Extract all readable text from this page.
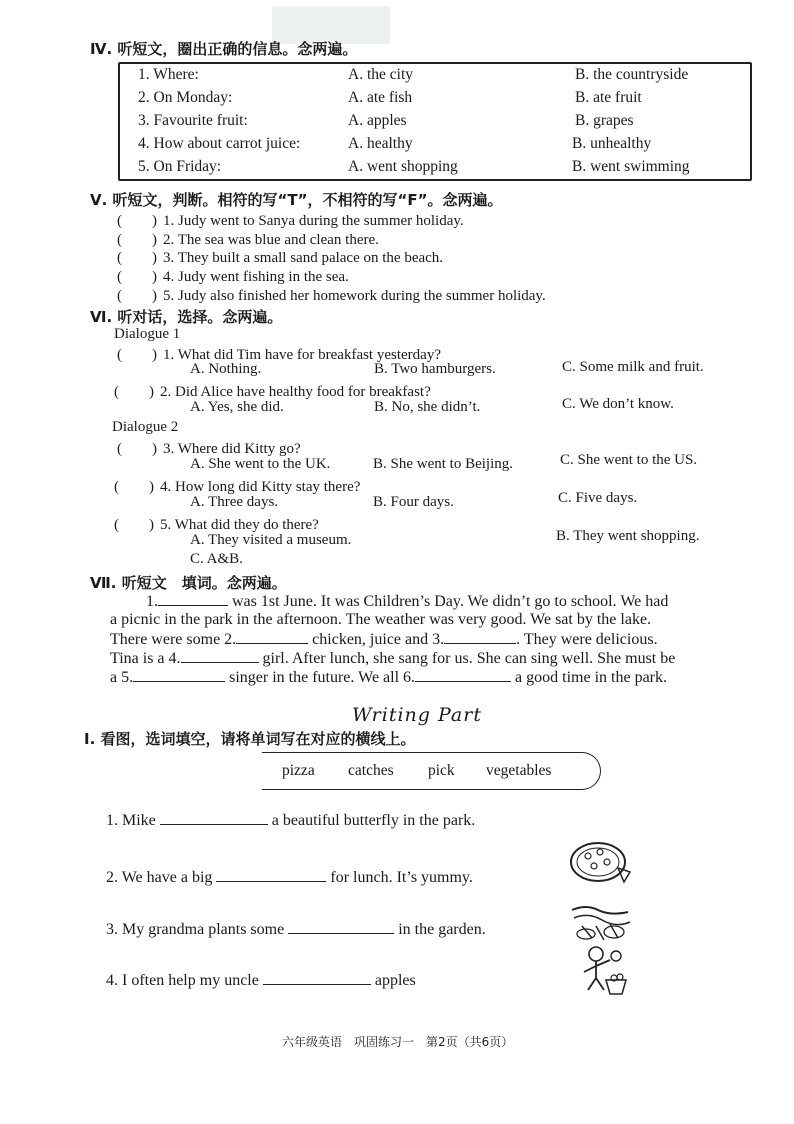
Ⅳ. 听短文，圈出正确的信息。念两遍。
1. Where:	A. the city	B. the countryside
2. On Monday:	A. ate fish	B. ate fruit
3. Favourite fruit:	A. apples	B. grapes
4. How about carrot juice:	A. healthy	B. unhealthy
5. On Friday:	A. went shopping	B. went swimming
Ⅴ. 听短文，判断。相符的写“T”，不相符的写“F”。念两遍。
(　　) 1. Judy went to Sanya during the summer holiday.
(　　) 2. The sea was blue and clean there.
(　　) 3. They built a small sand palace on the beach.
(　　) 4. Judy went fishing in the sea.
(　　) 5. Judy also finished her homework during the summer holiday.
Ⅵ. 听对话，选择。念两遍。
Dialogue 1
(　　) 1. What did Tim have for breakfast yesterday?
A. Nothing.	B. Two hamburgers.	C. Some milk and fruit.
(　　) 2. Did Alice have healthy food for breakfast?
A. Yes, she did.	B. No, she didn’t.	C. We don’t know.
Dialogue 2
(　　) 3. Where did Kitty go?
A. She went to the UK.	B. She went to Beijing.	C. She went to the US.
(　　) 4. How long did Kitty stay there?
A. Three days.	B. Four days.	C. Five days.
(　　) 5. What did they do there?
A. They visited a museum.	B. They went shopping.
C. A&B.
Ⅶ. 听短文　填词。念两遍。
1.	was 1st June. It was Children’s Day. We didn’t go to school. We had
a picnic in the park in the afternoon. The weather was very good. We sat by the lake.
There were some 2.	chicken, juice and 3.	. They were delicious.
Tina is a 4.	girl. After lunch, she sang for us. She can sing well. She must be
a 5.	singer in the future. We all 6.	a good time in the park.
Writing Part
Ⅰ. 看图，选词填空，请将单词写在对应的横线上。
pizza catches pick vegetables
1. Mike	a beautiful butterfly in the park.
2. We have a big	for lunch. It’s yummy.
3. My grandma plants some	in the garden.
4. I often help my uncle	apples
六年级英语　巩固练习一　第2页（共6页）
